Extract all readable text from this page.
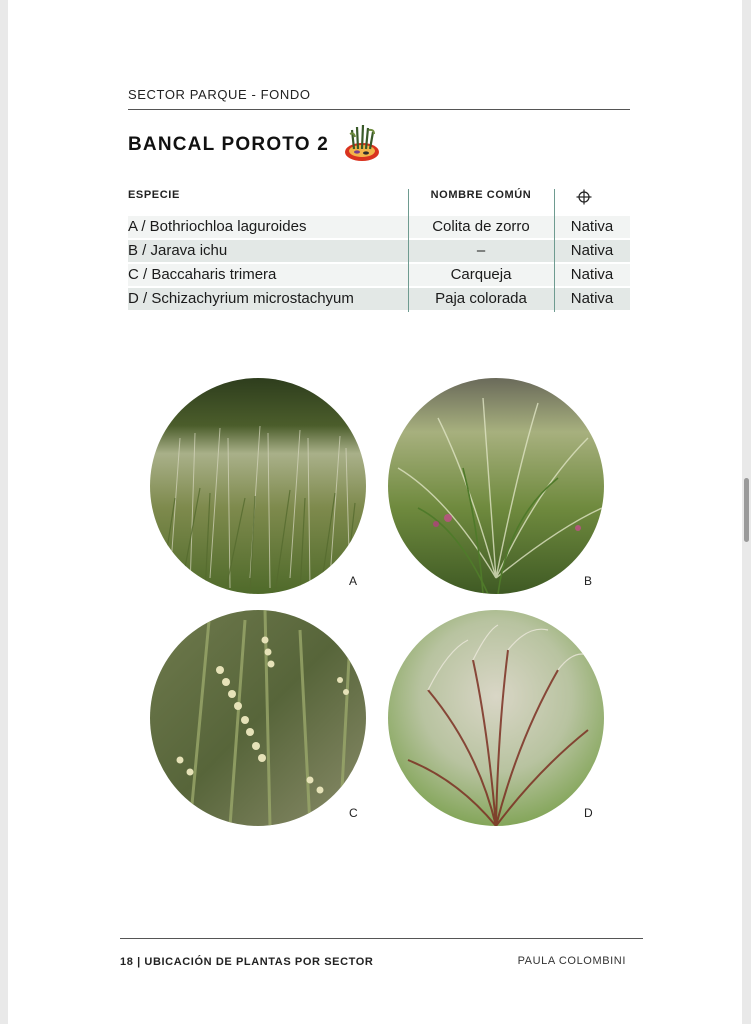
SECTOR PARQUE - FONDO
BANCAL POROTO 2
ESPECIE	NOMBRE COMÚN
A / Bothriochloa laguroides	Colita de zorro	Nativa
B / Jarava ichu	–	Nativa
C / Baccaharis trimera	Carqueja	Nativa
D / Schizachyrium microstachyum	Paja colorada	Nativa
A	B
C	D
18 | UBICACIÓN DE PLANTAS POR SECTOR	PAULA COLOMBINI
